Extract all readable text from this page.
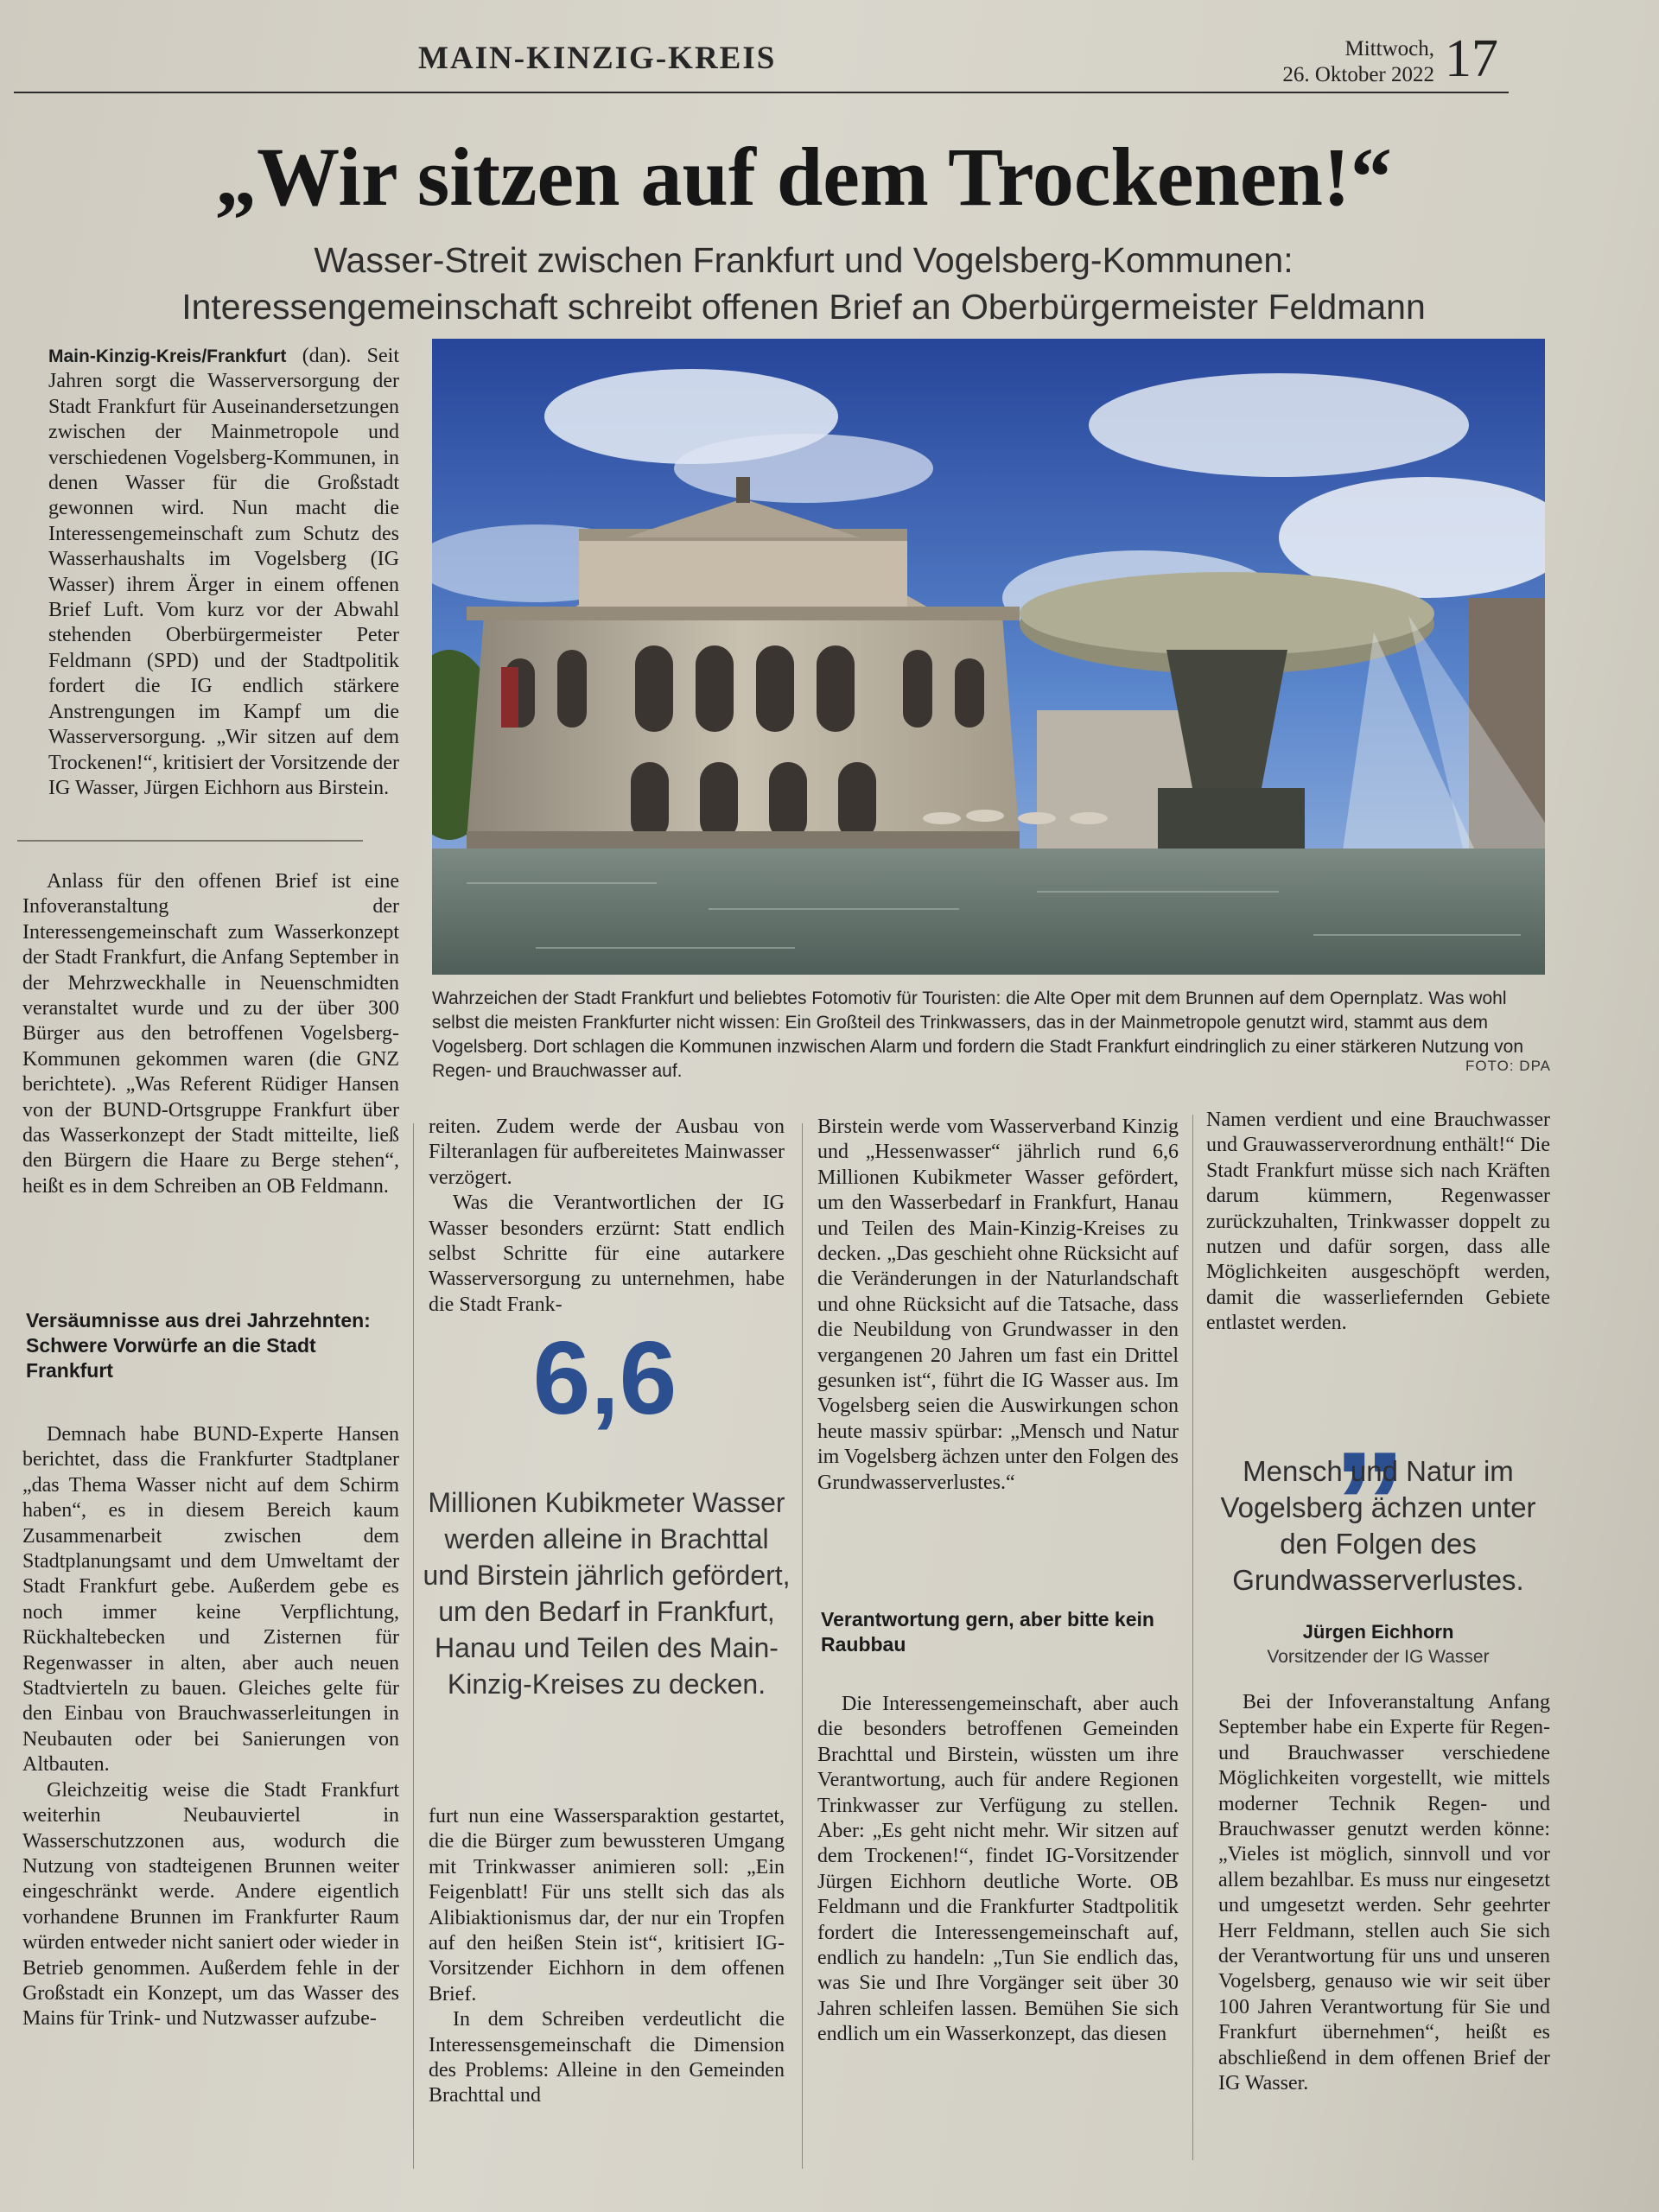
MAIN-KINZIG-KREIS	Mittwoch,
26. Oktober 2022 17
„Wir sitzen auf dem Trockenen!“
Wasser-Streit zwischen Frankfurt und Vogelsberg-Kommunen:
Interessengemeinschaft schreibt offenen Brief an Oberbürgermeister Feldmann

Main-Kinzig-Kreis/Frankfurt (dan). Seit Jahren sorgt die Wasserversorgung der Stadt Frankfurt für Auseinandersetzungen zwischen der Mainmetropole und verschiedenen Vogelsberg-Kommunen, in denen Wasser für die Großstadt gewonnen wird. Nun macht die Interessengemeinschaft zum Schutz des Wasserhaushalts im Vogelsberg (IG Wasser) ihrem Ärger in einem offenen Brief Luft. Vom kurz vor der Abwahl stehenden Oberbürgermeister Peter Feldmann (SPD) und der Stadtpolitik fordert die IG endlich stärkere Anstrengungen im Kampf um die Wasserversorgung. „Wir sitzen auf dem Trockenen!“, kritisiert der Vorsitzende der IG Wasser, Jürgen Eichhorn aus Birstein.

Anlass für den offenen Brief ist eine Infoveranstaltung der Interessengemeinschaft zum Wasserkonzept der Stadt Frankfurt, die Anfang September in der Mehrzweckhalle in Neuenschmidten veranstaltet wurde und zu der über 300 Bürger aus den betroffenen Vogelsberg-Kommunen gekommen waren (die GNZ berichtete). „Was Referent Rüdiger Hansen von der BUND-Ortsgruppe Frankfurt über das Wasserkonzept der Stadt mitteilte, ließ den Bürgern die Haare zu Berge stehen“, heißt es in dem Schreiben an OB Feldmann.

Versäumnisse aus drei Jahrzehnten: Schwere Vorwürfe an die Stadt Frankfurt

Demnach habe BUND-Experte Hansen berichtet, dass die Frankfurter Stadtplaner „das Thema Wasser nicht auf dem Schirm haben“, es in diesem Bereich kaum Zusammenarbeit zwischen dem Stadtplanungsamt und dem Umweltamt der Stadt Frankfurt gebe. Außerdem gebe es noch immer keine Verpflichtung, Rückhaltebecken und Zisternen für Regenwasser in alten, aber auch neuen Stadtvierteln zu bauen. Gleiches gelte für den Einbau von Brauchwasserleitungen in Neubauten oder bei Sanierungen von Altbauten.

Gleichzeitig weise die Stadt Frankfurt weiterhin Neubauviertel in Wasserschutzzonen aus, wodurch die Nutzung von stadteigenen Brunnen weiter eingeschränkt werde. Andere eigentlich vorhandene Brunnen im Frankfurter Raum würden entweder nicht saniert oder wieder in Betrieb genommen. Außerdem fehle in der Großstadt ein Konzept, um das Wasser des Mains für Trink- und Nutzwasser aufzube-

Wahrzeichen der Stadt Frankfurt und beliebtes Fotomotiv für Touristen: die Alte Oper mit dem Brunnen auf dem Opernplatz. Was wohl selbst die meisten Frankfurter nicht wissen: Ein Großteil des Trinkwassers, das in der Mainmetropole genutzt wird, stammt aus dem Vogelsberg. Dort schlagen die Kommunen inzwischen Alarm und fordern die Stadt Frankfurt eindringlich zu einer stärkeren Nutzung von Regen- und Brauchwasser auf.	FOTO: DPA

reiten. Zudem werde der Ausbau von Filteranlagen für aufbereitetes Mainwasser verzögert.

Was die Verantwortlichen der IG Wasser besonders erzürnt: Statt endlich selbst Schritte für eine autarkere Wasserversorgung zu unternehmen, habe die Stadt Frank-

6,6
Millionen Kubikmeter Wasser werden alleine in Brachttal und Birstein jährlich gefördert, um den Bedarf in Frankfurt, Hanau und Teilen des Main-Kinzig-Kreises zu decken.

furt nun eine Wassersparaktion gestartet, die die Bürger zum bewussteren Umgang mit Trinkwasser animieren soll: „Ein Feigenblatt! Für uns stellt sich das als Alibiaktionismus dar, der nur ein Tropfen auf den heißen Stein ist“, kritisiert IG-Vorsitzender Eichhorn in dem offenen Brief.

In dem Schreiben verdeutlicht die Interessensgemeinschaft die Dimension des Problems: Alleine in den Gemeinden Brachttal und

Birstein werde vom Wasserverband Kinzig und „Hessenwasser“ jährlich rund 6,6 Millionen Kubikmeter Wasser gefördert, um den Wasserbedarf in Frankfurt, Hanau und Teilen des Main-Kinzig-Kreises zu decken. „Das geschieht ohne Rücksicht auf die Veränderungen in der Naturlandschaft und ohne Rücksicht auf die Tatsache, dass die Neubildung von Grundwasser in den vergangenen 20 Jahren um fast ein Drittel gesunken ist“, führt die IG Wasser aus. Im Vogelsberg seien die Auswirkungen schon heute massiv spürbar: „Mensch und Natur im Vogelsberg ächzen unter den Folgen des Grundwasserverlustes.“

Verantwortung gern, aber bitte kein Raubbau

Die Interessengemeinschaft, aber auch die besonders betroffenen Gemeinden Brachttal und Birstein, wüssten um ihre Verantwortung, auch für andere Regionen Trinkwasser zur Verfügung zu stellen. Aber: „Es geht nicht mehr. Wir sitzen auf dem Trockenen!“, findet IG-Vorsitzender Jürgen Eichhorn deutliche Worte. OB Feldmann und die Frankfurter Stadtpolitik fordert die Interessengemeinschaft auf, endlich zu handeln: „Tun Sie endlich das, was Sie und Ihre Vorgänger seit über 30 Jahren schleifen lassen. Bemühen Sie sich endlich um ein Wasserkonzept, das diesen

Namen verdient und eine Brauchwasser und Grauwasserverordnung enthält!“ Die Stadt Frankfurt müsse sich nach Kräften darum kümmern, Regenwasser zurückzuhalten, Trinkwasser doppelt zu nutzen und dafür sorgen, dass alle Möglichkeiten ausgeschöpft werden, damit die wasserliefernden Gebiete entlastet werden.

„
Mensch und Natur im Vogelsberg ächzen unter den Folgen des Grundwasserverlustes.
Jürgen Eichhorn
Vorsitzender der IG Wasser

Bei der Infoveranstaltung Anfang September habe ein Experte für Regen- und Brauchwasser verschiedene Möglichkeiten vorgestellt, wie mittels moderner Technik Regen- und Brauchwasser genutzt werden könne: „Vieles ist möglich, sinnvoll und vor allem bezahlbar. Es muss nur eingesetzt und umgesetzt werden. Sehr geehrter Herr Feldmann, stellen auch Sie sich der Verantwortung für uns und unseren Vogelsberg, genauso wie wir seit über 100 Jahren Verantwortung für Sie und Frankfurt übernehmen“, heißt es abschließend in dem offenen Brief der IG Wasser.
